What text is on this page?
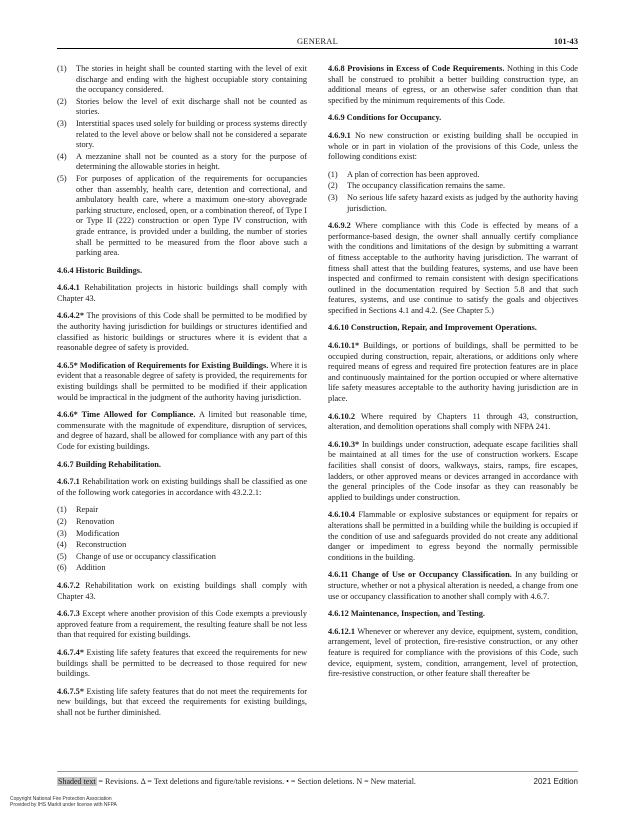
GENERAL	101-43
(1)	The stories in height shall be counted starting with the level of exit discharge and ending with the highest occupiable story containing the occupancy considered.
(2)	Stories below the level of exit discharge shall not be counted as stories.
(3)	Interstitial spaces used solely for building or process systems directly related to the level above or below shall not be considered a separate story.
(4)	A mezzanine shall not be counted as a story for the purpose of determining the allowable stories in height.
(5)	For purposes of application of the requirements for occupancies other than assembly, health care, detention and correctional, and ambulatory health care, where a maximum one-story abovegrade parking structure, enclosed, open, or a combination thereof, of Type I or Type II (222) construction or open Type IV construction, with grade entrance, is provided under a building, the number of stories shall be permitted to be measured from the floor above such a parking area.
4.6.4 Historic Buildings.

4.6.4.1 Rehabilitation projects in historic buildings shall comply with Chapter 43.

4.6.4.2* The provisions of this Code shall be permitted to be modified by the authority having jurisdiction for buildings or structures identified and classified as historic buildings or structures where it is evident that a reasonable degree of safety is provided.

4.6.5* Modification of Requirements for Existing Buildings. Where it is evident that a reasonable degree of safety is provided, the requirements for existing buildings shall be permitted to be modified if their application would be impractical in the judgment of the authority having jurisdiction.

4.6.6* Time Allowed for Compliance. A limited but reasonable time, commensurate with the magnitude of expenditure, disruption of services, and degree of hazard, shall be allowed for compliance with any part of this Code for existing buildings.

4.6.7 Building Rehabilitation.

4.6.7.1 Rehabilitation work on existing buildings shall be classified as one of the following work categories in accordance with 43.2.2.1:

(1)	Repair
(2)	Renovation
(3)	Modification
(4)	Reconstruction
(5)	Change of use or occupancy classification
(6)	Addition

4.6.7.2 Rehabilitation work on existing buildings shall comply with Chapter 43.

4.6.7.3 Except where another provision of this Code exempts a previously approved feature from a requirement, the resulting feature shall be not less than that required for existing buildings.

4.6.7.4* Existing life safety features that exceed the requirements for new buildings shall be permitted to be decreased to those required for new buildings.

4.6.7.5* Existing life safety features that do not meet the requirements for new buildings, but that exceed the requirements for existing buildings, shall not be further diminished.

4.6.8 Provisions in Excess of Code Requirements. Nothing in this Code shall be construed to prohibit a better building construction type, an additional means of egress, or an otherwise safer condition than that specified by the minimum requirements of this Code.

4.6.9 Conditions for Occupancy.

4.6.9.1 No new construction or existing building shall be occupied in whole or in part in violation of the provisions of this Code, unless the following conditions exist:

(1)	A plan of correction has been approved.
(2)	The occupancy classification remains the same.
(3)	No serious life safety hazard exists as judged by the authority having jurisdiction.

4.6.9.2 Where compliance with this Code is effected by means of a performance-based design, the owner shall annually certify compliance with the conditions and limitations of the design by submitting a warrant of fitness acceptable to the authority having jurisdiction. The warrant of fitness shall attest that the building features, systems, and use have been inspected and confirmed to remain consistent with design specifications outlined in the documentation required by Section 5.8 and that such features, systems, and use continue to satisfy the goals and objectives specified in Sections 4.1 and 4.2. (See Chapter 5.)

4.6.10 Construction, Repair, and Improvement Operations.

4.6.10.1* Buildings, or portions of buildings, shall be permitted to be occupied during construction, repair, alterations, or additions only where required means of egress and required fire protection features are in place and continuously maintained for the portion occupied or where alternative life safety measures acceptable to the authority having jurisdiction are in place.

4.6.10.2 Where required by Chapters 11 through 43, construction, alteration, and demolition operations shall comply with NFPA 241.

4.6.10.3* In buildings under construction, adequate escape facilities shall be maintained at all times for the use of construction workers. Escape facilities shall consist of doors, walkways, stairs, ramps, fire escapes, ladders, or other approved means or devices arranged in accordance with the general principles of the Code insofar as they can reasonably be applied to buildings under construction.

4.6.10.4 Flammable or explosive substances or equipment for repairs or alterations shall be permitted in a building while the building is occupied if the condition of use and safeguards provided do not create any additional danger or impediment to egress beyond the normally permissible conditions in the building.

4.6.11 Change of Use or Occupancy Classification. In any building or structure, whether or not a physical alteration is needed, a change from one use or occupancy classification to another shall comply with 4.6.7.

4.6.12 Maintenance, Inspection, and Testing.

4.6.12.1 Whenever or wherever any device, equipment, system, condition, arrangement, level of protection, fire-resistive construction, or any other feature is required for compliance with the provisions of this Code, such device, equipment, system, condition, arrangement, level of protection, fire-resistive construction, or other feature shall thereafter be

Shaded text = Revisions. Δ = Text deletions and figure/table revisions. • = Section deletions. N = New material.	2021 Edition
Copyright National Fire Protection Association
Provided by IHS Markit under license with NFPA
